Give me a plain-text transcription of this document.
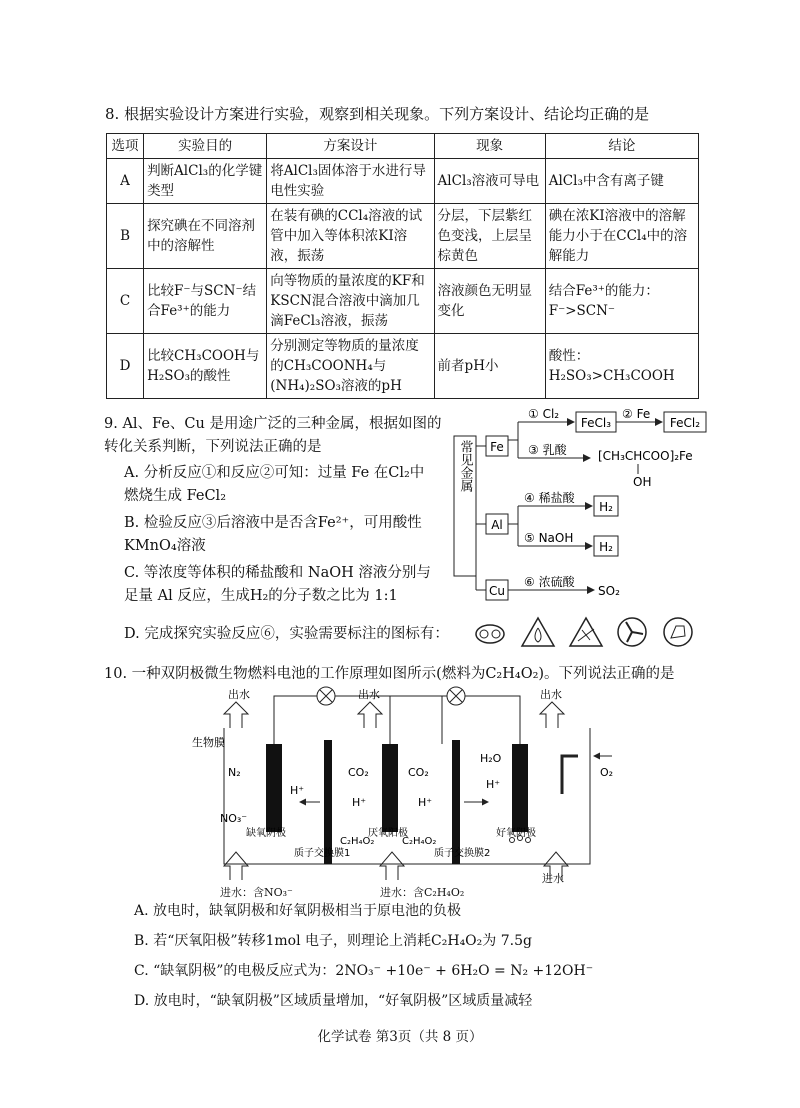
8. 根据实验设计方案进行实验，观察到相关现象。下列方案设计、结论均正确的是
选项	实验目的	方案设计	现象	结论
A	判断AlCl₃的化学键类型	将AlCl₃固体溶于水进行导电性实验	AlCl₃溶液可导电	AlCl₃中含有离子键
B	探究碘在不同溶剂中的溶解性	在装有碘的CCl₄溶液的试管中加入等体积浓KI溶液，振荡	分层，下层紫红色变浅，上层呈棕黄色	碘在浓KI溶液中的溶解能力小于在CCl₄中的溶解能力
C	比较F⁻与SCN⁻结合Fe³⁺的能力	向等物质的量浓度的KF和KSCN混合溶液中滴加几滴FeCl₃溶液，振荡	溶液颜色无明显变化	结合Fe³⁺的能力：F⁻>SCN⁻
D	比较CH₃COOH与H₂SO₃的酸性	分别测定等物质的量浓度的CH₃COONH₄与(NH₄)₂SO₃溶液的pH	前者pH小	酸性： H₂SO₃>CH₃COOH
9. Al、Fe、Cu 是用途广泛的三种金属，根据如图的
转化关系判断，下列说法正确的是
A. 分析反应①和反应②可知：过量 Fe 在Cl₂中
燃烧生成 FeCl₂
B. 检验反应③后溶液中是否含Fe²⁺，可用酸性
KMnO₄溶液
C. 等浓度等体积的稀盐酸和 NaOH 溶液分别与
足量 Al 反应，生成H₂的分子数之比为 1:1
D. 完成探究实验反应⑥，实验需要标注的图标有：
常见金属 Fe
Al
Cu
① Cl₂
FeCl₃
② Fe
FeCl₂
③ 乳酸	[CH₃CHCOO]₂Fe
OH
④ 稀盐酸
H₂
⑤ NaOH
H₂
⑥ 浓硫酸
SO₂
10. 一种双阴极微生物燃料电池的工作原理如图所示(燃料为C₂H₄O₂)。下列说法正确的是
出水	出水	出水
生物膜
N₂
NO₃⁻
H⁺
CO₂	CO₂
H⁺	H⁺
C₂H₄O₂	C₂H₄O₂
H₂O
H⁺
O₂
缺氧阴极	厌氧阳极	好氧阴极
质子交换膜1	质子交换膜2
进水：含NO₃⁻	进水：含C₂H₄O₂
进水
A. 放电时，缺氧阴极和好氧阴极相当于原电池的负极
B. 若“厌氧阳极”转移1mol 电子，则理论上消耗C₂H₄O₂为 7.5g
C. “缺氧阴极”的电极反应式为：2NO₃⁻ +10e⁻ + 6H₂O = N₂ +12OH⁻
D. 放电时，“缺氧阴极”区域质量增加，“好氧阴极”区域质量减轻
化学试卷 第3页（共 8 页）
